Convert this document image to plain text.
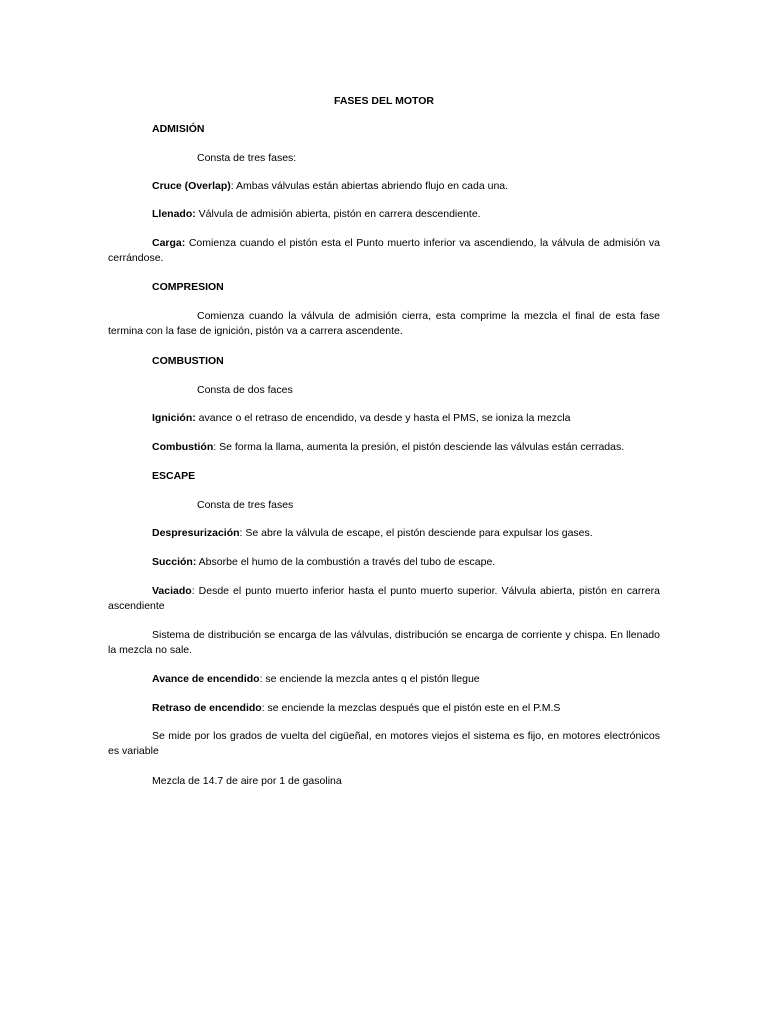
FASES DEL MOTOR
ADMISIÓN
Consta de tres fases:
Cruce (Overlap): Ambas válvulas están abiertas abriendo flujo en cada una.
Llenado: Válvula de admisión abierta, pistón en carrera descendiente.
Carga: Comienza cuando el pistón esta el Punto muerto inferior va ascendiendo, la válvula de admisión va cerrándose.
COMPRESION
Comienza cuando la válvula de admisión cierra, esta comprime la mezcla el final de esta fase termina con la fase de ignición, pistón va a carrera ascendente.
COMBUSTION
Consta de dos faces
Ignición: avance o el retraso de encendido, va desde y hasta el PMS, se ioniza la mezcla
Combustión: Se forma la llama, aumenta la presión, el pistón desciende las válvulas están cerradas.
ESCAPE
Consta de tres fases
Despresurización: Se abre la válvula de escape, el pistón desciende para expulsar los gases.
Succión: Absorbe el humo de la combustión a través del tubo de escape.
Vaciado: Desde el punto muerto inferior hasta el punto muerto superior. Válvula abierta, pistón en carrera ascendiente
Sistema de distribución se encarga de las válvulas, distribución se encarga de corriente y chispa. En llenado la mezcla no sale.
Avance de encendido: se enciende la mezcla antes q el pistón llegue
Retraso de encendido: se enciende la mezclas después que el pistón este en el P.M.S
Se mide por los grados de vuelta del cigüeñal, en motores viejos el sistema es fijo, en motores electrónicos es variable
Mezcla de 14.7 de aire por 1 de gasolina
